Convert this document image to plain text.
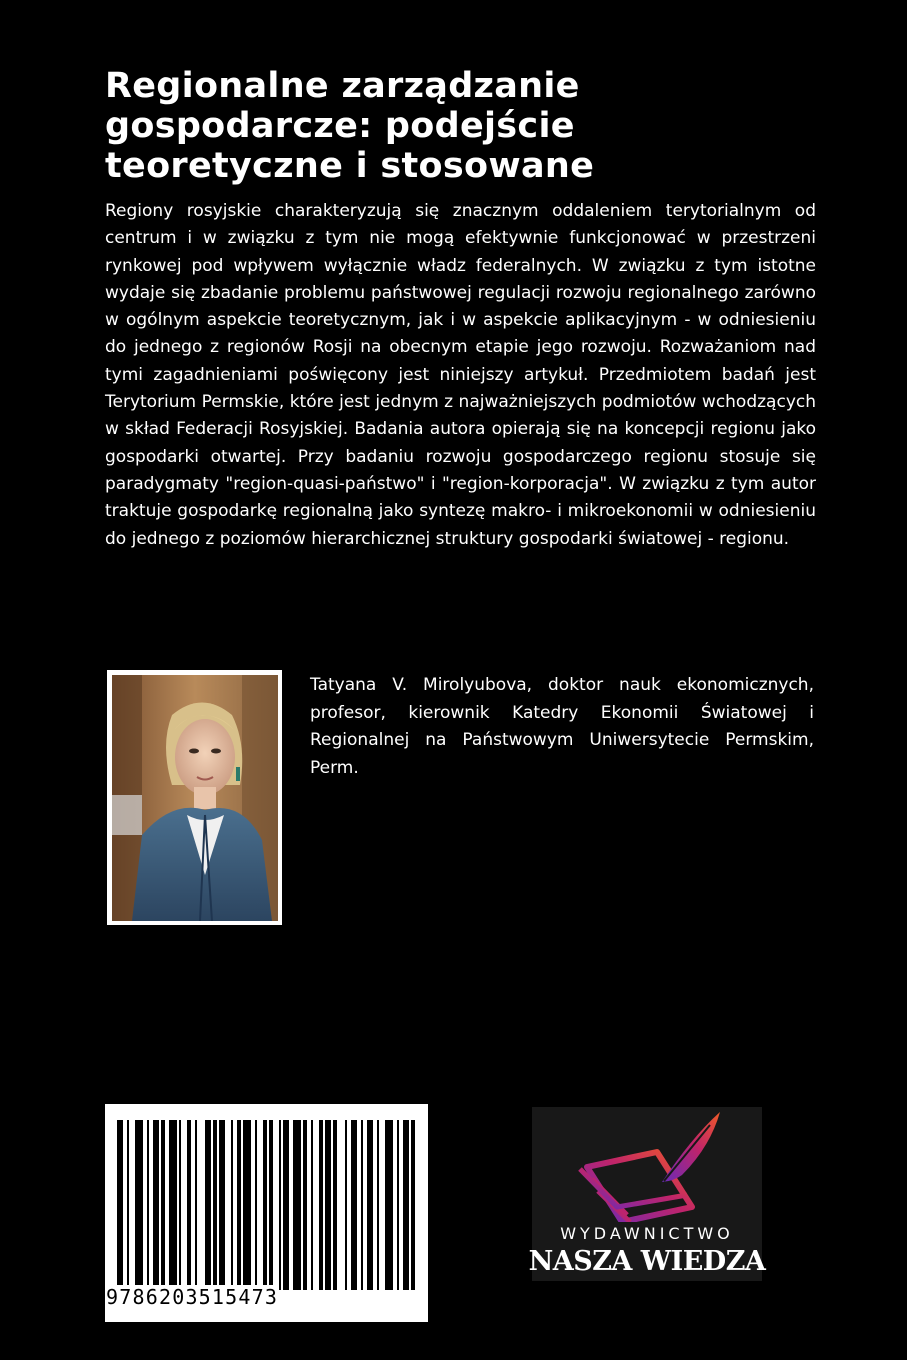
Regionalne zarządzanie
gospodarcze: podejście
teoretyczne i stosowane

Regiony rosyjskie charakteryzują się znacznym oddaleniem terytorialnym od centrum i w związku z tym nie mogą efektywnie funkcjonować w przestrzeni rynkowej pod wpływem wyłącznie władz federalnych. W związku z tym istotne wydaje się zbadanie problemu państwowej regulacji rozwoju regionalnego zarówno w ogólnym aspekcie teoretycznym, jak i w aspekcie aplikacyjnym - w odniesieniu do jednego z regionów Rosji na obecnym etapie jego rozwoju. Rozważaniom nad tymi zagadnieniami poświęcony jest niniejszy artykuł. Przedmiotem badań jest Terytorium Permskie, które jest jednym z najważniejszych podmiotów wchodzących w skład Federacji Rosyjskiej. Badania autora opierają się na koncepcji regionu jako gospodarki otwartej. Przy badaniu rozwoju gospodarczego regionu stosuje się paradygmaty "region-quasi-państwo" i "region-korporacja". W związku z tym autor traktuje gospodarkę regionalną jako syntezę makro- i mikroekonomii w odniesieniu do jednego z poziomów hierarchicznej struktury gospodarki światowej - regionu.

Tatyana V. Mirolyubova, doktor nauk ekonomicznych, profesor, kierownik Katedry Ekonomii Światowej i Regionalnej na Państwowym Uniwersytecie Permskim, Perm.

9786203515473
WYDAWNICTWO
NASZA WIEDZA
